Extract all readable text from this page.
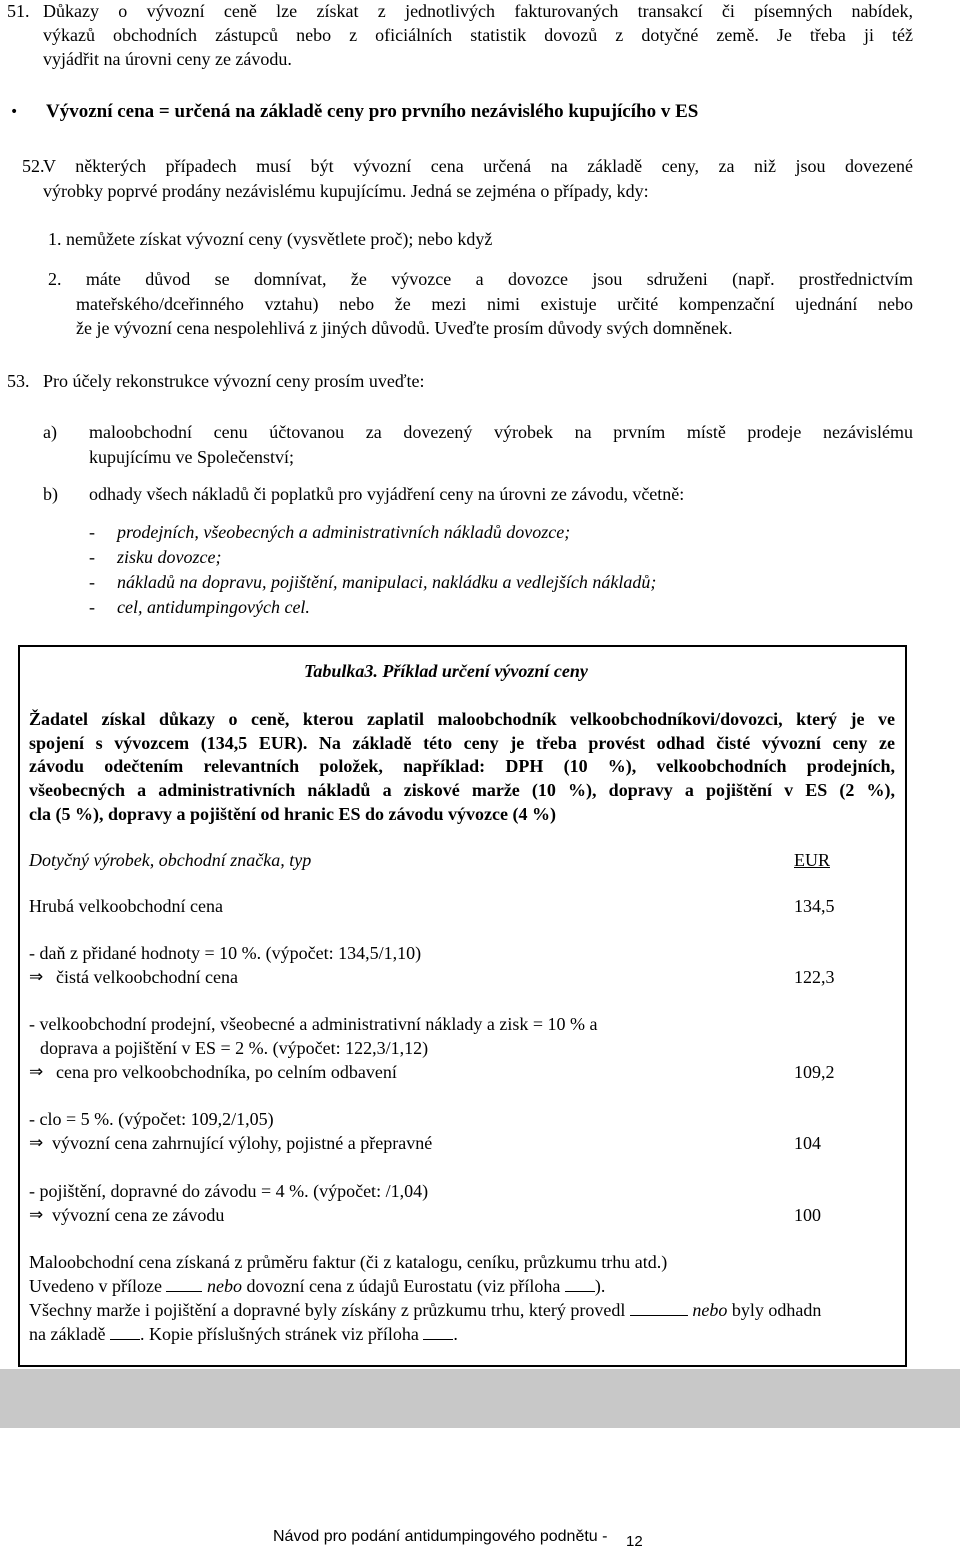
51. Důkazy o vývozní ceně lze získat z jednotlivých fakturovaných transakcí či písemných nabídek,
výkazů obchodních zástupců nebo z oficiálních statistik dovozů z dotyčné země. Je třeba ji též
vyjádřit na úrovni ceny ze závodu.
• Vývozní cena = určená na základě ceny pro prvního nezávislého kupujícího v ES
52.
V některých případech musí být vývozní cena určená na základě ceny, za niž jsou dovezené
výrobky poprvé prodány nezávislému kupujícímu. Jedná se zejména o případy, kdy:
1. nemůžete získat vývozní ceny (vysvětlete proč); nebo když
2. máte důvod se domnívat, že vývozce a dovozce jsou sdruženi (např. prostřednictvím
mateřského/dceřinného vztahu) nebo že mezi nimi existuje určité kompenzační ujednání nebo
že je vývozní cena nespolehlivá z jiných důvodů. Uveďte prosím důvody svých domněnek.
53. Pro účely rekonstrukce vývozní ceny prosím uveďte:
a) maloobchodní cenu účtovanou za dovezený výrobek na prvním místě prodeje nezávislému
kupujícímu ve Společenství;
b) odhady všech nákladů či poplatků pro vyjádření ceny na úrovni ze závodu, včetně:
- prodejních, všeobecných a administrativních nákladů dovozce;
- zisku dovozce;
- nákladů na dopravu, pojištění, manipulaci, nakládku a vedlejších nákladů;
- cel, antidumpingových cel.
Tabulka3. Příklad určení vývozní ceny
Žadatel získal důkazy o ceně, kterou zaplatil maloobchodník velkoobchodníkovi/dovozci, který je ve
spojení s vývozcem (134,5 EUR). Na základě této ceny je třeba provést odhad čisté vývozní ceny ze
závodu odečtením relevantních položek, například: DPH (10 %), velkoobchodních prodejních,
všeobecných a administrativních nákladů a ziskové marže (10 %), dopravy a pojištění v ES (2 %),
cla (5 %), dopravy a pojištění od hranic ES do závodu vývozce (4 %)
Dotyčný výrobek, obchodní značka, typ	EUR
Hrubá velkoobchodní cena	134,5
- daň z přidané hodnoty = 10 %. (výpočet: 134,5/1,10)
⇒ čistá velkoobchodní cena	122,3
- velkoobchodní prodejní, všeobecné a administrativní náklady a zisk = 10 % a
doprava a pojištění v ES = 2 %. (výpočet: 122,3/1,12)
⇒ cena pro velkoobchodníka, po celním odbavení	109,2
- clo = 5 %. (výpočet: 109,2/1,05)
⇒ vývozní cena zahrnující výlohy, pojistné a přepravné	104
- pojištění, dopravné do závodu = 4 %. (výpočet: /1,04)
⇒ vývozní cena ze závodu	100
Maloobchodní cena získaná z průměru faktur (či z katalogu, ceníku, průzkumu trhu atd.)
Uvedeno v příloze	nebo dovozní cena z údajů Eurostatu (viz příloha ).
Všechny marže i pojištění a dopravné byly získány z průzkumu trhu, který provedl	nebo byly odhadn
na základě . Kopie příslušných stránek viz příloha .
Návod pro podání antidumpingového podnětu - 12
